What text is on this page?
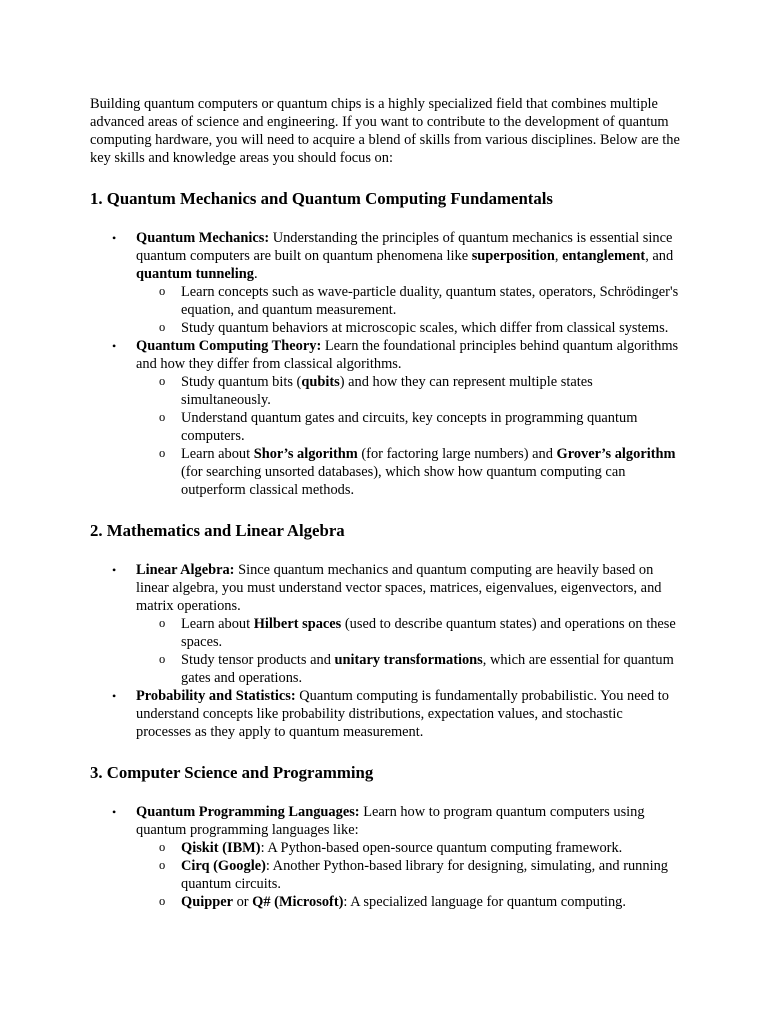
Building quantum computers or quantum chips is a highly specialized field that combines multiple advanced areas of science and engineering. If you want to contribute to the development of quantum computing hardware, you will need to acquire a blend of skills from various disciplines. Below are the key skills and knowledge areas you should focus on:

1. Quantum Mechanics and Quantum Computing Fundamentals
• Quantum Mechanics: Understanding the principles of quantum mechanics is essential since quantum computers are built on quantum phenomena like superposition, entanglement, and quantum tunneling.
o Learn concepts such as wave-particle duality, quantum states, operators, Schrödinger's equation, and quantum measurement.
o Study quantum behaviors at microscopic scales, which differ from classical systems.
• Quantum Computing Theory: Learn the foundational principles behind quantum algorithms and how they differ from classical algorithms.
o Study quantum bits (qubits) and how they can represent multiple states simultaneously.
o Understand quantum gates and circuits, key concepts in programming quantum computers.
o Learn about Shor’s algorithm (for factoring large numbers) and Grover’s algorithm (for searching unsorted databases), which show how quantum computing can outperform classical methods.
2. Mathematics and Linear Algebra
• Linear Algebra: Since quantum mechanics and quantum computing are heavily based on linear algebra, you must understand vector spaces, matrices, eigenvalues, eigenvectors, and matrix operations.
o Learn about Hilbert spaces (used to describe quantum states) and operations on these spaces.
o Study tensor products and unitary transformations, which are essential for quantum gates and operations.
• Probability and Statistics: Quantum computing is fundamentally probabilistic. You need to understand concepts like probability distributions, expectation values, and stochastic processes as they apply to quantum measurement.
3. Computer Science and Programming
• Quantum Programming Languages: Learn how to program quantum computers using quantum programming languages like:
o Qiskit (IBM): A Python-based open-source quantum computing framework.
o Cirq (Google): Another Python-based library for designing, simulating, and running quantum circuits.
o Quipper or Q# (Microsoft): A specialized language for quantum computing.
